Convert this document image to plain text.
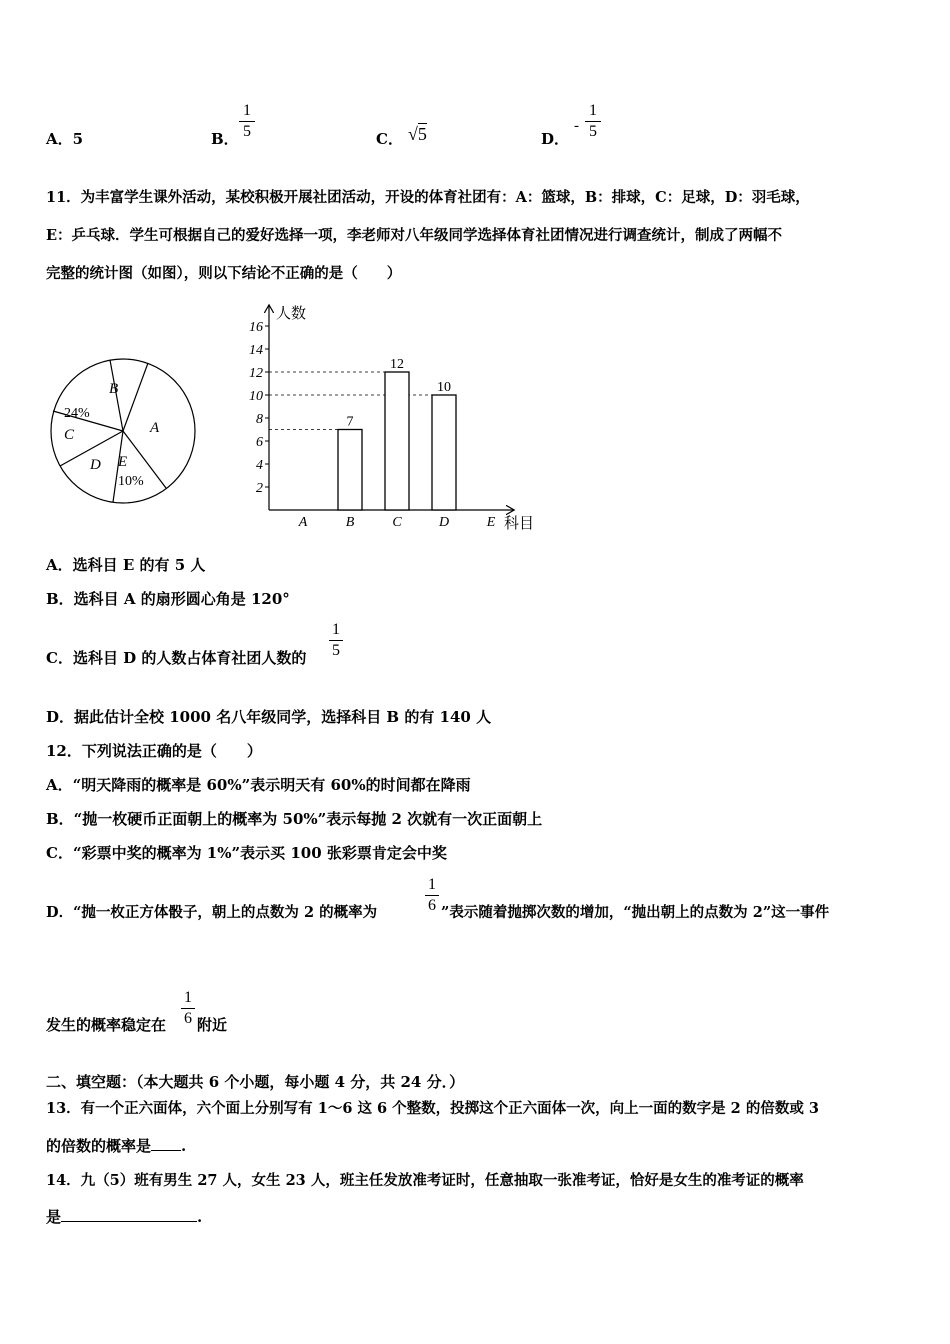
A．5	B．
1
5	C． √5	D．
-
1
5
11．为丰富学生课外活动，某校积极开展社团活动，开设的体育社团有：A：篮球，B：排球，C：足球，D：羽毛球，
E：乒乓球．学生可根据自己的爱好选择一项，李老师对八年级同学选择体育社团情况进行调查统计，制成了两幅不
完整的统计图（如图），则以下结论不正确的是（　　）
B
A
24%
C
D E
10%
人数
科目
2
4
6
8
10
12
14
16
A	B
7
C
12
D
10
E
A．选科目 E 的有 5 人
B．选科目 A 的扇形圆心角是 120°
C．选科目 D 的人数占体育社团人数的
1
5
D．据此估计全校 1000 名八年级同学，选择科目 B 的有 140 人
12．下列说法正确的是（　　）
A．“明天降雨的概率是 60%”表示明天有 60%的时间都在降雨
B．“抛一枚硬币正面朝上的概率为 50%”表示每抛 2 次就有一次正面朝上
C．“彩票中奖的概率为 1%”表示买 100 张彩票肯定会中奖
D．“抛一枚正方体骰子，朝上的点数为 2 的概率为
1
6 ”表示随着抛掷次数的增加，“抛出朝上的点数为 2”这一事件
发生的概率稳定在
1
6 附近
二、填空题：（本大题共 6 个小题，每小题 4 分，共 24 分．）
13．有一个正六面体，六个面上分别写有 1～6 这 6 个整数，投掷这个正六面体一次，向上一面的数字是 2 的倍数或 3
的倍数的概率是 .
14．九（5）班有男生 27 人，女生 23 人，班主任发放准考证时，任意抽取一张准考证，恰好是女生的准考证的概率
是	.
